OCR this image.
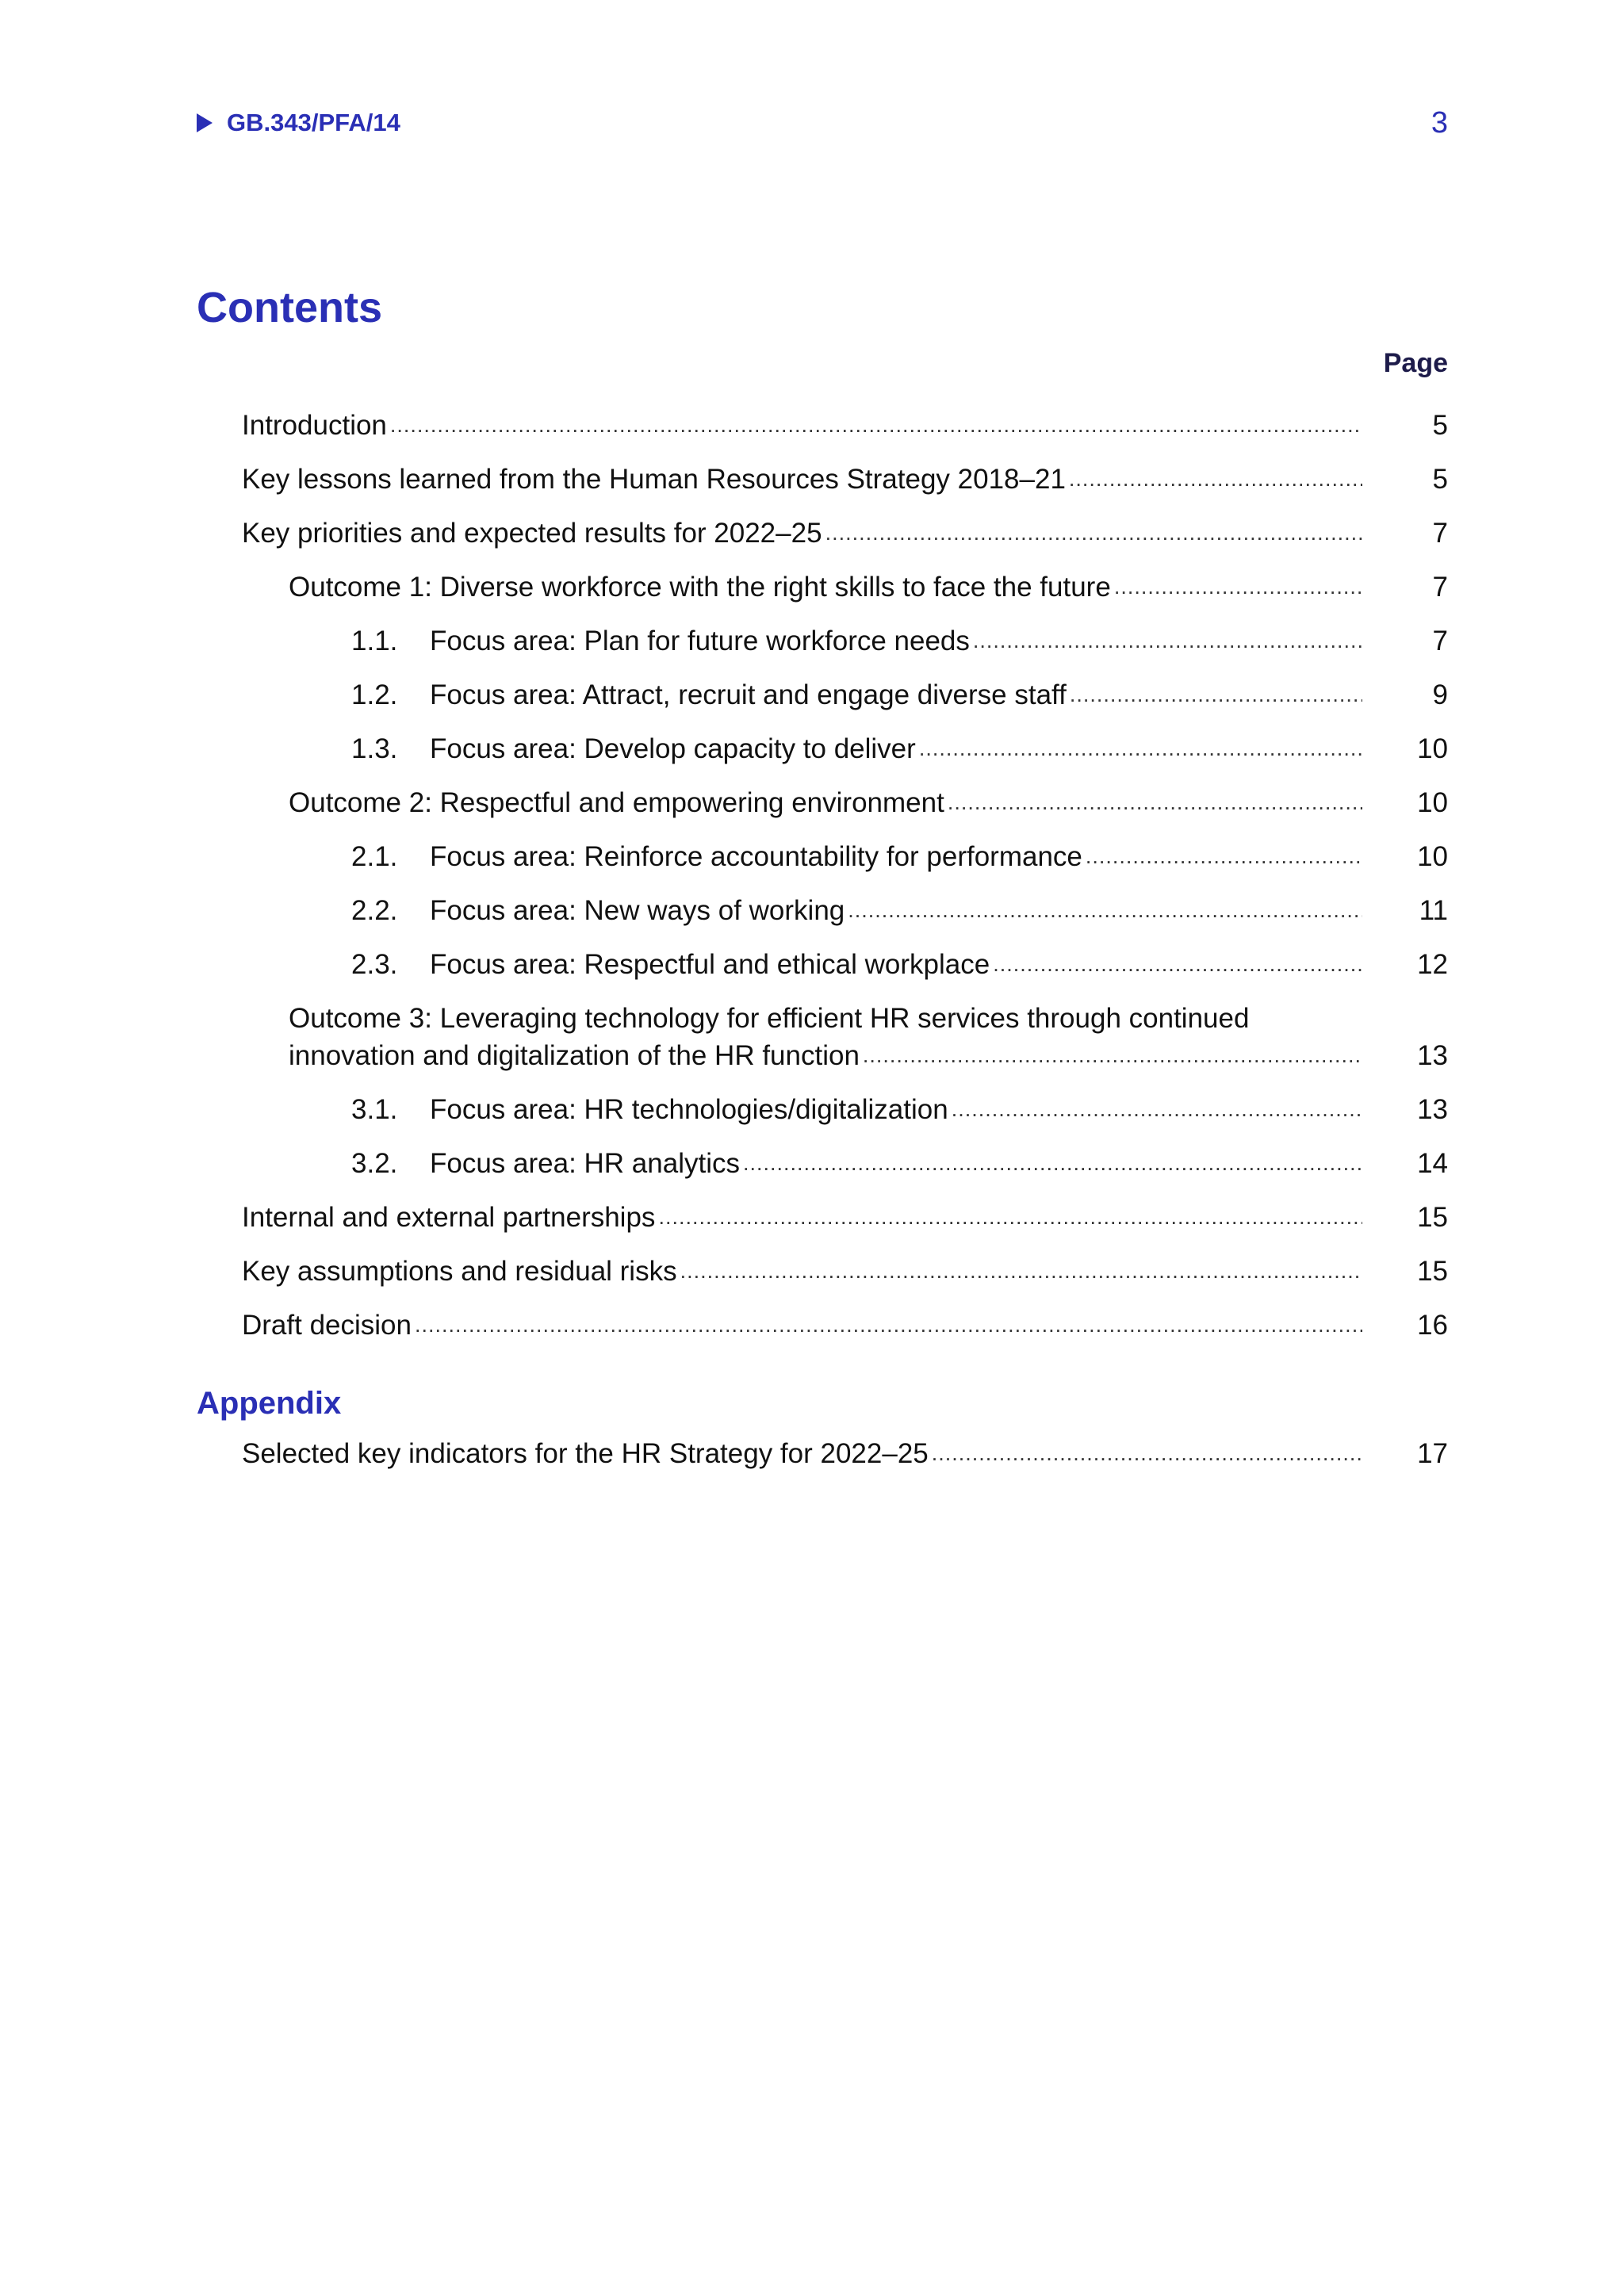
GB.343/PFA/14	3
Contents
Page
Introduction .....	5
Key lessons learned from the Human Resources Strategy 2018–21 .....	5
Key priorities and expected results for 2022–25 .....	7
Outcome 1: Diverse workforce with the right skills to face the future .....	7
1.1.	Focus area: Plan for future workforce needs .....	7
1.2.	Focus area: Attract, recruit and engage diverse staff .....	9
1.3.	Focus area: Develop capacity to deliver .....	10
Outcome 2: Respectful and empowering environment .....	10
2.1.	Focus area: Reinforce accountability for performance .....	10
2.2.	Focus area: New ways of working .....	11
2.3.	Focus area: Respectful and ethical workplace .....	12
Outcome 3: Leveraging technology for efficient HR services through continued
innovation and digitalization of the HR function .....	13
3.1.	Focus area: HR technologies/digitalization .....	13
3.2.	Focus area: HR analytics .....	14
Internal and external partnerships .....	15
Key assumptions and residual risks .....	15
Draft decision .....	16
Appendix
Selected key indicators for the HR Strategy for 2022–25 .....	17
